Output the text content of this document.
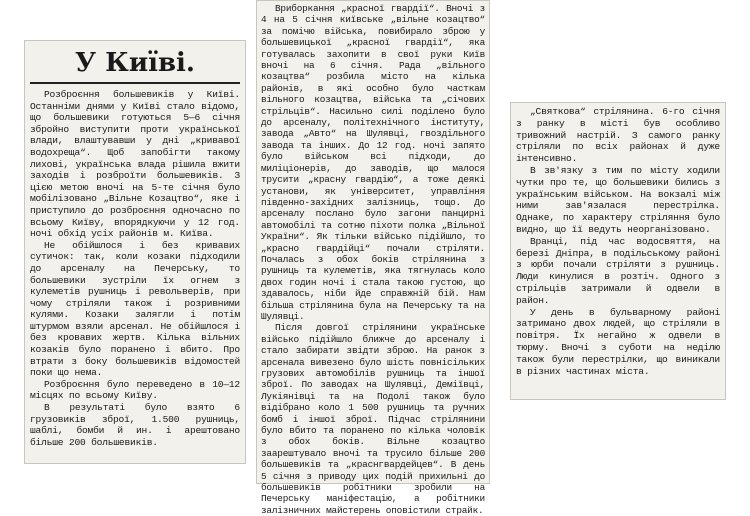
У Київі.

Розброєння большевиків у Київі. Останніми днями у Київі стало відомо, що большевики готуються 5—6 січня збройно виступити проти української влади, влаштувавши у дні „кривавої водохреща“. Щоб запобігти такому лихові, українська влада рішила вжити заходів і розброїти большевиків. З цією метою вночі на 5-те січня було мобілізовано „Вільне Козацтво“, яке і приступило до розброєння одночасно по всьому Київу, впорядкуючи у 12 год. ночі обхід усіх районів м. Київа.

Не обійшлося і без кривавих сутичок: так, коли козаки підходили до арсеналу на Печерську, то большевики зустріли їх огнем з кулеметів рушниць і револьверів, при чому стріляли також і розривними кулями. Козаки залягли і потім штурмом взяли арсенал. Не обійшлося і без кровавих жертв. Кілька вільних козаків було поранено і вбито. Про втрати з боку большевиків відомостей поки що нема.

Розброєння було переведено в 10—12 місцях по всьому Київу.

В результаті було взято 6 грузовиків зброї, 1.500 рушниць, шаблі, бомби й ин. і арештовано більше 200 большевиків.

Вриборкання „красної гвардії“. Вночі з 4 на 5 січня київське „вільне козацтво“ за помічю війська, повибирало зброю у большевицької „красної гвардії“, яка готувалась захопити в свої руки Київ вночі на 6 січня. Рада „вільного козацтва“ розбила місто на кілька районів, в які особно було часткам вільного козацтва, війська та „січових стрільців“. Насильно силі поділено було до арсеналу, політехнічного інституту, завода „Авто“ на Шулявці, гвоздільного завода та інших. До 12 год. ночі запято було військом всі підходи, до миліціонерів, до заводів, що малося трусити „красну гвардію“, а тоже деякі установи, як університет, управління південно-західних залізниць, тощо. До арсеналу послано було загони панцирні автомобілі та сотню піхоти полка „Вільної України“. Як тільки військо підійшло, то „красно гвардійці“ почали стріляти. Почалась з обох боків стрілянина з рушниць та кулеметів, яка тягнулась коло двох годин ночі і стала такою густою, що здавалось, ніби йде справжній бій. Нам більша стрілянина була на Печерську та на Шулявці.

Після довгої стрілянини українське військо підійшло ближче до арсеналу і стало забирати звідти зброю. На ранок з арсенала вивезено було шість повнісільких грузових автомобілів рушниць та іншої зброї. По заводах на Шулявці, Деміївці, Лукіянівці та на Подолі також було відібрано коло 1 500 рушниць та ручних бомб і іншої зброї. Підчас стрілянини було вбито та поранено по кілька чоловік з обох боків. Вільне козацтво заарештувало вночі та трусило більше 200 большевиків та „краснгвардейцев“. В день 5 січня з приводу цих подій прихильні до большевиків робітники зробили на Печерську маніфестацію, а робітники залізничних майстерень оповістили страйк.

„Святкова“ стрілянина. 6-го січня з ранку в місті був особливо тривожний настрій. З самого ранку стріляли по всіх районах й дуже інтенсивно.

В зв'язку з тим по місту ходили чутки про те, що большевики бились з українським військом. На вокзалі між ними зав'язалася перестрілка. Однаке, по характеру стріляння було видно, що її ведуть неорганізовано.

Вранці, під час водосвяття, на березі Дніпра, в подільському районі з юрби почали стріляти з рушниць. Люди кинулися в розтіч. Одного з стрільців затримали й одвели в район.

У день в бульварному районі затримано двох людей, що стріляли в повітря. Їх негайно ж одвели в тюрму. Вночі з суботи на неділю також були перестрілки, що виникали в різних частинах міста.
